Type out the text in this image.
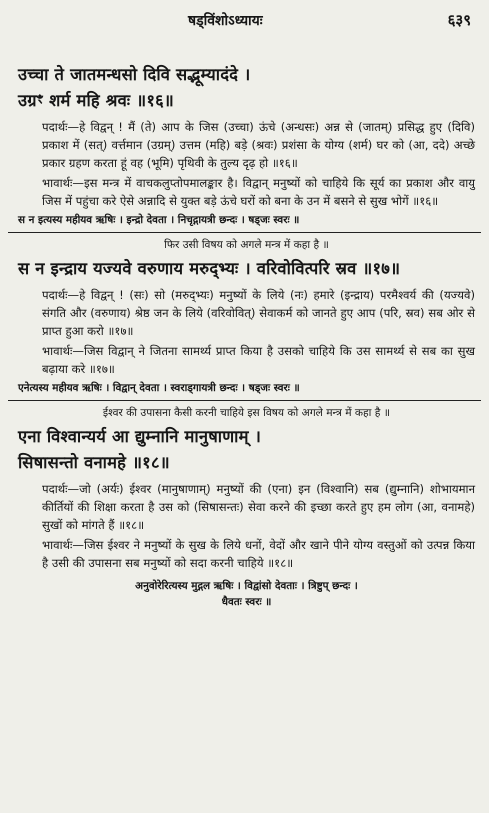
षड्विंशोऽध्यायः	६३९

उच्चा ते जातमन्धसो दिवि सद्भूम्यादंदे ।

उग्रꣳ शर्म महि श्रवः ॥१६॥

पदार्थः—हे विद्वन् ! मैं (ते) आप के जिस (उच्चा) ऊंचे (अन्धसः) अन्न से (जातम्) प्रसिद्ध हुए (दिवि) प्रकाश में (सत्) वर्त्तमान (उग्रम्) उत्तम (महि) बड़े (श्रवः) प्रशंसा के योग्य (शर्म) घर को (आ, ददे) अच्छे प्रकार ग्रहण करता हूं वह (भूमि) पृथिवी के तुल्य दृढ़ हो ॥१६॥

भावार्थः—इस मन्त्र में वाचकलुप्तोपमालङ्कार है। विद्वान् मनुष्यों को चाहिये कि सूर्य का प्रकाश और वायु जिस में पहुंचा करे ऐसे अन्नादि से युक्त बड़े ऊंचे घरों को बना के उन में बसने से सुख भोगें ॥१६॥

स न इत्यस्य महीयव ऋषिः । इन्द्रो देवता । निचृद्गायत्री छन्दः । षड्जः स्वरः ॥

फिर उसी विषय को अगले मन्त्र में कहा है ॥

स न इन्द्राय यज्यवे वरुणाय मरुद्भ्यः । वरिवोवित्परि स्रव ॥१७॥

पदार्थः—हे विद्वन् ! (सः) सो (मरुद्भ्यः) मनुष्यों के लिये (नः) हमारे (इन्द्राय) परमैश्वर्य की (यज्यवे) संगति और (वरुणाय) श्रेष्ठ जन के लिये (वरिवोवित्) सेवाकर्म को जानते हुए आप (परि, स्रव) सब ओर से प्राप्त हुआ करो ॥१७॥

भावार्थः—जिस विद्वान् ने जितना सामर्थ्य प्राप्त किया है उसको चाहिये कि उस सामर्थ्य से सब का सुख बढ़ाया करे ॥१७॥

एनेत्यस्य महीयव ऋषिः । विद्वान् देवता । स्वराड्गायत्री छन्दः । षड्जः स्वरः ॥

ईश्वर की उपासना कैसी करनी चाहिये इस विषय को अगले मन्त्र में कहा है ॥

एना विश्वान्यर्य आ द्युम्नानि मानुषाणाम् ।

सिषासन्तो वनामहे ॥१८॥

पदार्थः—जो (अर्यः) ईश्वर (मानुषाणाम्) मनुष्यों की (एना) इन (विश्वानि) सब (द्युम्नानि) शोभायमान कीर्तियों की शिक्षा करता है उस को (सिषासन्तः) सेवा करने की इच्छा करते हुए हम लोग (आ, वनामहे) सुखों को मांगते हैं ॥१८॥

भावार्थः—जिस ईश्वर ने मनुष्यों के सुख के लिये धनों, वेदों और खाने पीने योग्य वस्तुओं को उत्पन्न किया है उसी की उपासना सब मनुष्यों को सदा करनी चाहिये ॥१८॥

अनुवोरेरित्यस्य मुद्गल ऋषिः । विद्वांसो देवताः । त्रिष्टुप् छन्दः ।

धैवतः स्वरः ॥
